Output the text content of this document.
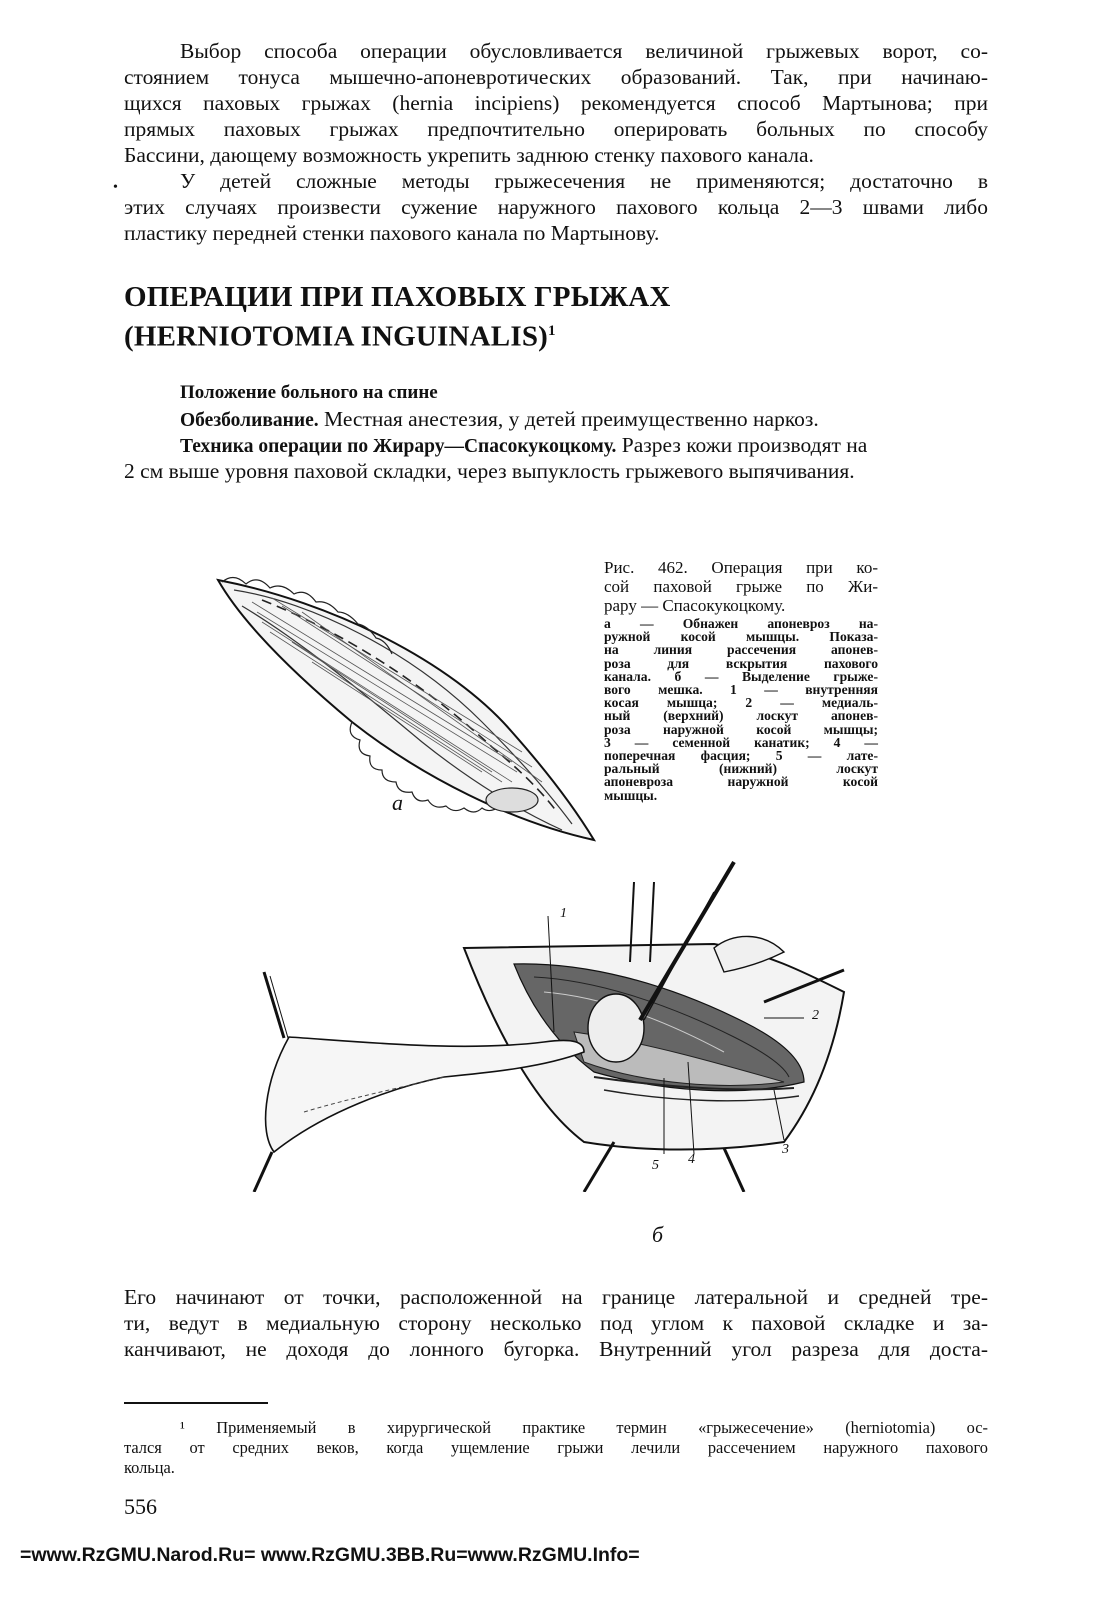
Выбор способа операции обусловливается величиной грыжевых ворот, со-
стоянием тонуса мышечно-апоневротических образований. Так, при начинаю-
щихся паховых грыжах (hernia incipiens) рекомендуется способ Мартынова; при
прямых паховых грыжах предпочтительно оперировать больных по способу
Бассини, дающему возможность укрепить заднюю стенку пахового канала.
•	У детей сложные методы грыжесечения не применяются; достаточно в
этих случаях произвести сужение наружного пахового кольца 2—3 швами либо
пластику передней стенки пахового канала по Мартынову.
ОПЕРАЦИИ ПРИ ПАХОВЫХ ГРЫЖАХ
(HERNIOTOMIA INGUINALIS)$^1$
Положение больного на спине
Обезболивание. Местная анестезия, у детей преимущественно наркоз.
Техника операции по Жирару—Спасокукоцкому. Разрез кожи производят на
2 см выше уровня паховой складки, через выпуклость грыжевого выпячивания.
а
Рис. 462. Операция при ко-
сой паховой грыже по Жи-
рару — Спасокукоцкому.
а — Обнажен апоневроз на-
ружной косой мышцы. Показа-
на линия рассечения апонев-
роза для вскрытия пахового
канала. б — Выделение грыже-
вого мешка. 1 — внутренняя
косая мышца; 2 — медиаль-
ный (верхний) лоскут апонев-
роза наружной косой мышцы;
3 — семенной канатик; 4 —
поперечная фасция; 5 — лате-
ральный (нижний) лоскут
апоневроза наружной косой
мышцы.
1
2
3
4
5
б
Его начинают от точки, расположенной на границе латеральной и средней тре-
ти, ведут в медиальную сторону несколько под углом к паховой складке и за-
канчивают, не доходя до лонного бугорка. Внутренний угол разреза для доста-
¹ Применяемый в хирургической практике термин «грыжесечение» (herniotomia) ос-
тался от средних веков, когда ущемление грыжи лечили рассечением наружного пахового
кольца.
556
=www.RzGMU.Narod.Ru= www.RzGMU.3BB.Ru=www.RzGMU.Info=
